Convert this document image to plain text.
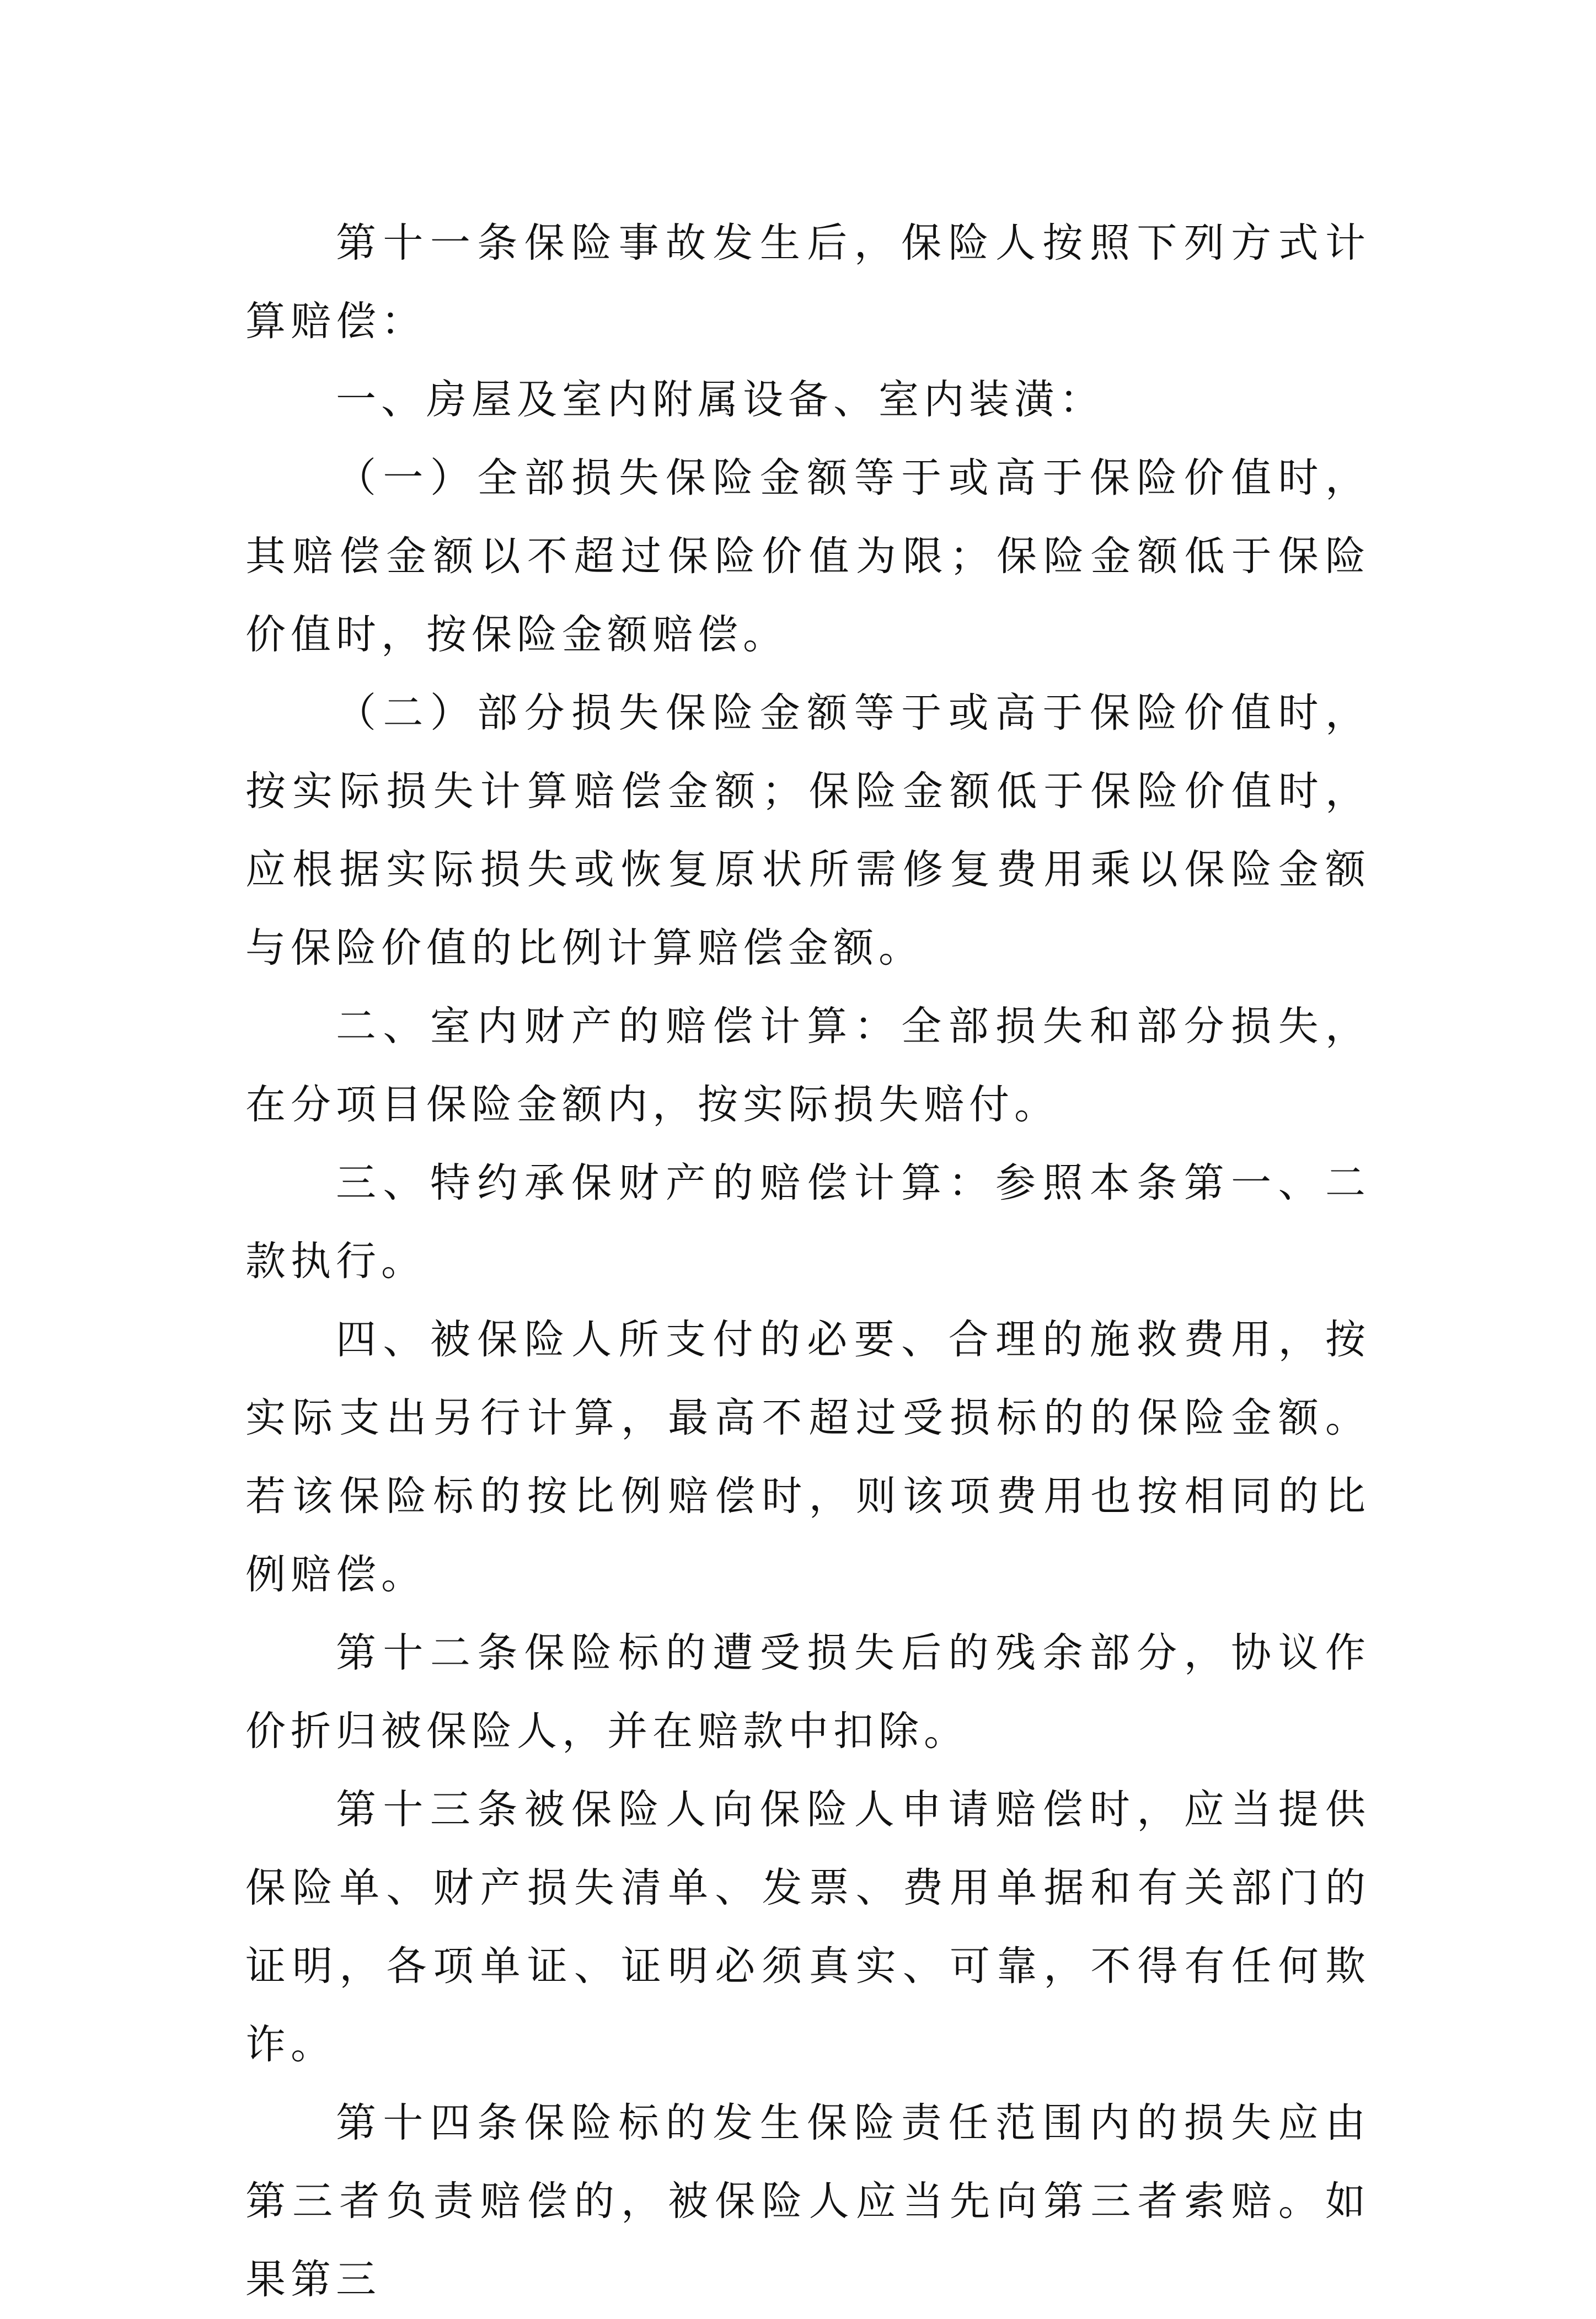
第十一条保险事故发生后，保险人按照下列方式计算赔偿：

一、房屋及室内附属设备、室内装潢：

（一）全部损失保险金额等于或高于保险价值时，其赔偿金额以不超过保险价值为限；保险金额低于保险价值时，按保险金额赔偿。

（二）部分损失保险金额等于或高于保险价值时，按实际损失计算赔偿金额；保险金额低于保险价值时，应根据实际损失或恢复原状所需修复费用乘以保险金额与保险价值的比例计算赔偿金额。

二、室内财产的赔偿计算：全部损失和部分损失，在分项目保险金额内，按实际损失赔付。

三、特约承保财产的赔偿计算：参照本条第一、二款执行。

四、被保险人所支付的必要、合理的施救费用，按实际支出另行计算，最高不超过受损标的的保险金额。若该保险标的按比例赔偿时，则该项费用也按相同的比例赔偿。

第十二条保险标的遭受损失后的残余部分，协议作价折归被保险人，并在赔款中扣除。

第十三条被保险人向保险人申请赔偿时，应当提供保险单、财产损失清单、发票、费用单据和有关部门的证明，各项单证、证明必须真实、可靠，不得有任何欺诈。

第十四条保险标的发生保险责任范围内的损失应由第三者负责赔偿的，被保险人应当先向第三者索赔。如果第三
